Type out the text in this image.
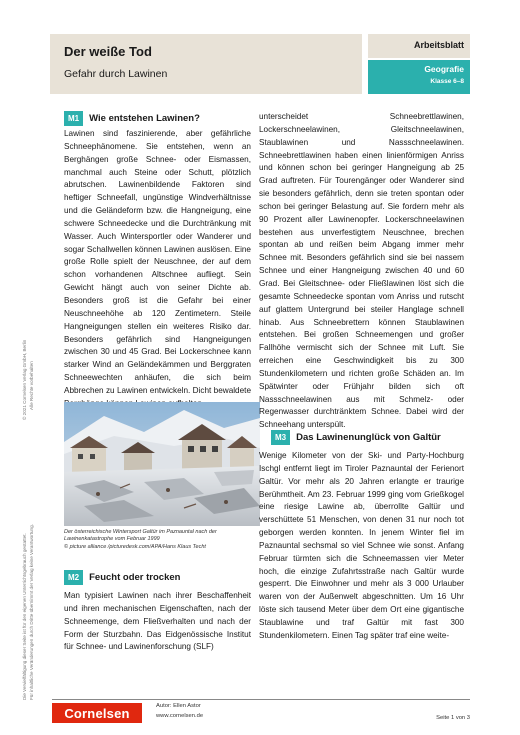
Der weiße Tod
Gefahr durch Lawinen
Arbeitsblatt
Geografie
Klasse 6–8
M1	Wie entstehen Lawinen?

Lawinen sind faszinierende, aber gefährliche Schneephänomene. Sie entstehen, wenn an Berghängen große Schnee- oder Eismassen, manchmal auch Steine oder Schutt, plötzlich abrutschen. Lawinenbildende Faktoren sind heftiger Schneefall, ungünstige Windverhältnisse und die Geländeform bzw. die Hangneigung, eine schwere Schneedecke und die Durchtränkung mit Wasser. Auch Wintersportler oder Wanderer und sogar Schallwellen können Lawinen auslösen. Eine große Rolle spielt der Neuschnee, der auf dem schon vorhandenen Altschnee aufliegt. Sein Gewicht hängt auch von seiner Dichte ab. Besonders groß ist die Gefahr bei einer Neuschneehöhe ab 120 Zentimetern. Steile Hangneigungen stellen ein weiteres Risiko dar. Besonders gefährlich sind Hangneigungen zwischen 30 und 45 Grad. Bei Lockerschnee kann starker Wind an Geländekämmen und Berggraten Schneewechten anhäufen, die sich beim Abbrechen zu Lawinen entwickeln. Dicht bewaldete

Der österreichische Wintersport Galtür im Paznauntal nach der Lawinenkatastrophe vom Februar 1999
© picture alliance /picturedesk.com/APA/Hans Klaus Techt
M2	Feucht oder trocken

Man typisiert Lawinen nach ihrer Beschaffenheit und ihren mechanischen Eigenschaften, nach der Schneemenge, dem Fließverhalten und nach der Form der Sturzbahn. Das Eidgenössische Institut für Schnee- und Lawinenforschung (SLF)

unterscheidet Schneebrettlawinen, Lockerschneelawinen, Gleitschneelawinen, Staublawinen und Nassschneelawinen. Schneebrettlawinen haben einen linienförmigen Anriss und können schon bei geringer Hangneigung ab 25 Grad auftreten. Für Tourengänger oder Wanderer sind sie besonders gefährlich, denn sie treten spontan oder schon bei geringer Belastung auf. Sie fordern mehr als 90 Prozent aller Lawinenopfer. Lockerschneelawinen bestehen aus unverfestigtem Neuschnee, brechen spontan ab und reißen beim Abgang immer mehr Schnee mit. Besonders gefährlich sind sie bei nassem Schnee und einer Hangneigung zwischen 40 und 60 Grad. Bei Gleitschnee- oder Fließlawinen löst sich die gesamte Schneedecke spontan vom Anriss und rutscht auf glattem Untergrund bei steiler Hanglage schnell hinab. Aus Schneebrettern können Staublawinen entstehen. Bei großen Schneemengen und großer Fallhöhe vermischt sich der Schnee mit Luft. Sie erreichen eine Geschwindigkeit bis zu 300 Stundenkilometern und richten große Schäden an. Im Spätwinter oder Frühjahr bilden sich oft Nassschneelawinen aus mit Schmelz- oder Regenwasser durchtränktem Schnee. Dabei wird der Schneehang unterspült.

M3	Das Lawinenunglück von Galtür

Wenige Kilometer von der Ski- und Party-Hochburg Ischgl entfernt liegt im Tiroler Paznauntal der Ferienort Galtür. Vor mehr als 20 Jahren erlangte er traurige Berühmtheit. Am 23. Februar 1999 ging vom Grießkogel eine riesige Lawine ab, überrollte Galtür und verschüttete 51 Menschen, von denen 31 nur noch tot geborgen werden konnten. In jenem Winter fiel im Paznauntal sechsmal so viel Schnee wie sonst. Anfang Februar türmten sich die Schneemassen vier Meter hoch, die einzige Zufahrtsstraße nach Galtür wurde gesperrt. Die Einwohner und mehr als 3 000 Urlauber waren von der Außenwelt abgeschnitten. Um 16 Uhr löste sich tausend Meter über dem Ort eine gigantische Staublawine und traf Galtür mit fast 300 Stundenkilometern. Einen Tag später traf eine weite-

© 2021 Cornelsen Verlag GmbH, Berlin Alle Rechte vorbehalten
Die Vervielfältigung dieser Seite ist für den eigenen Unterrichtsgebrauch gestattet. Für inhaltliche Veränderungen durch Dritte übernimmt der Verlag keine Verantwortung.
Cornelsen	Autor: Ellen Astor
www.cornelsen.de	Seite 1 von 3
